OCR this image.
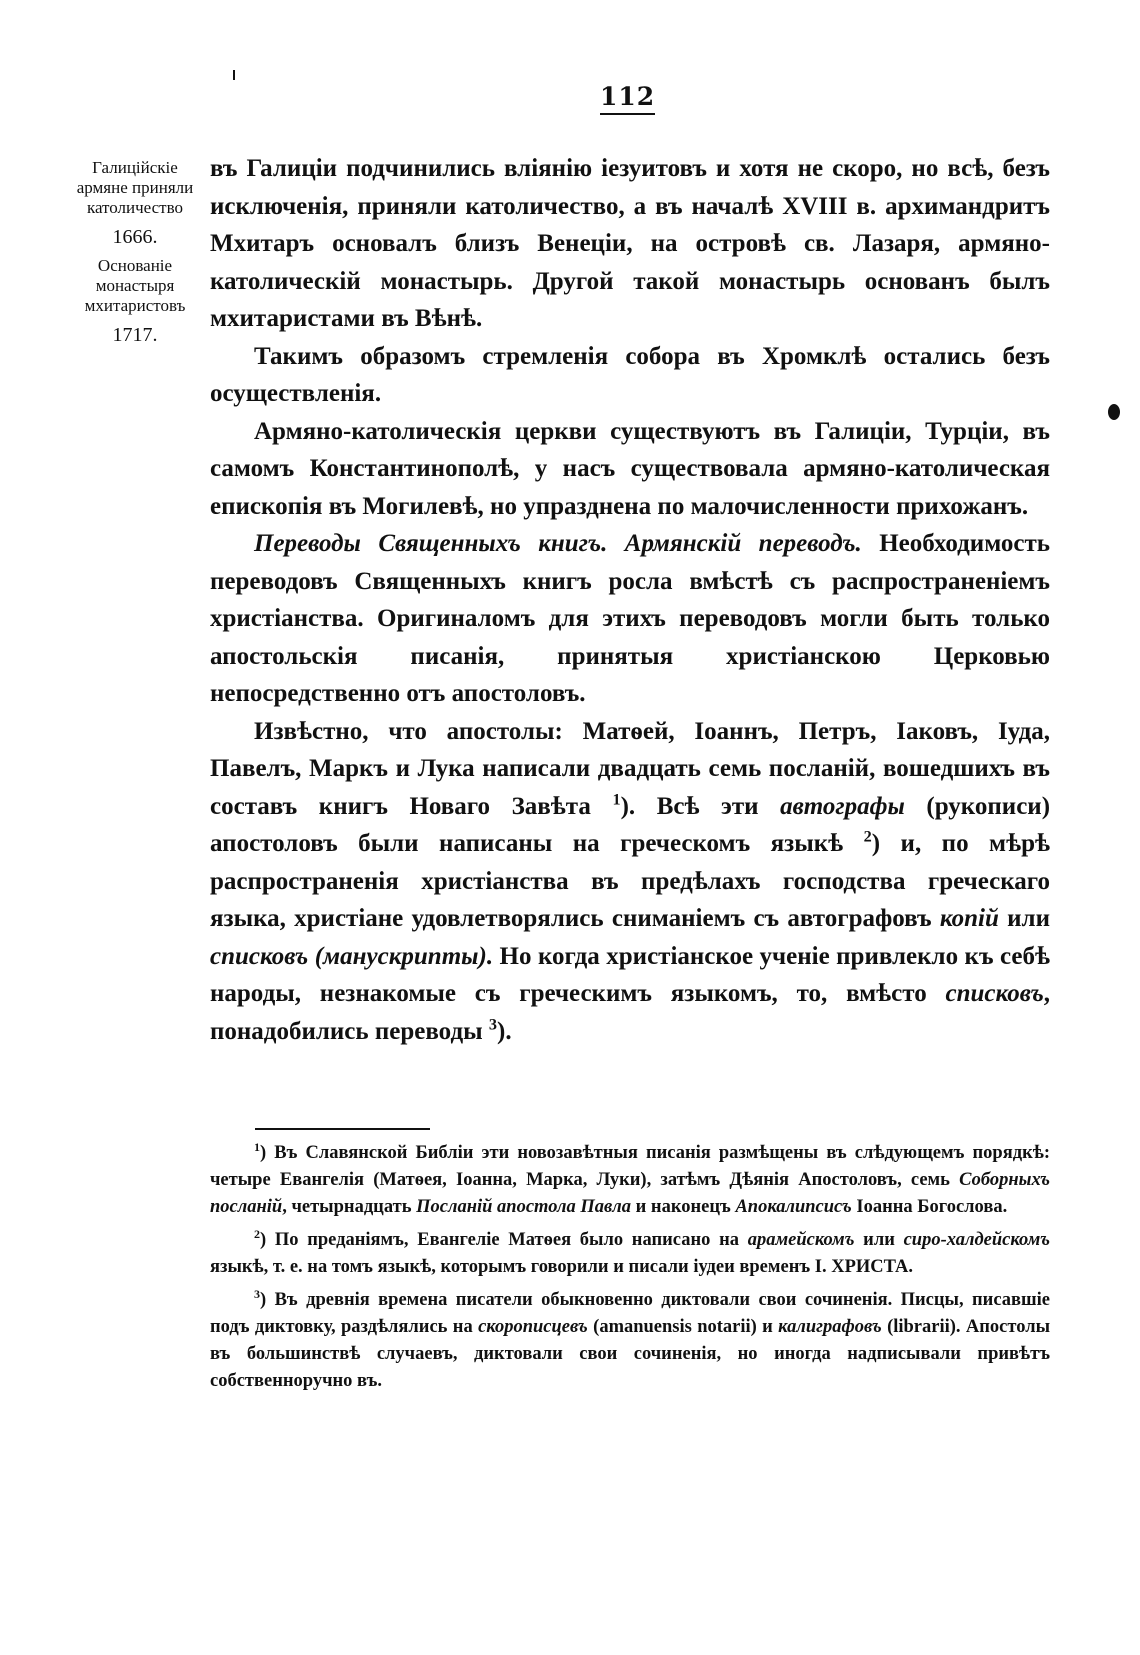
112
Галиційскіе армяне приняли католичество
1666.
Основаніе монастыря мхитаристовъ
1717.

въ Галиціи подчинились вліянію іезуитовъ и хотя не скоро, но всѣ, безъ исключенія, приняли католичество, а въ началѣ XVIII в. архимандритъ Мхитаръ основалъ близъ Венеціи, на островѣ св. Лазаря, армяно-католическій монастырь. Другой такой монастырь основанъ былъ мхитаристами въ Вѣнѣ.

Такимъ образомъ стремленія собора въ Хромклѣ остались безъ осуществленія.

Армяно-католическія церкви существуютъ въ Галиціи, Турціи, въ самомъ Константинополѣ, у насъ существовала армяно-католическая епископія въ Могилевѣ, но упразднена по малочисленности прихожанъ.

Переводы Священныхъ книгъ. Армянскій переводъ. Необходимость переводовъ Священныхъ книгъ росла вмѣстѣ съ распространеніемъ христіанства. Оригиналомъ для этихъ переводовъ могли быть только апостольскія писанія, принятыя христіанскою Церковью непосредственно отъ апостоловъ.

Извѣстно, что апостолы: Матѳей, Іоаннъ, Петръ, Іаковъ, Іуда, Павелъ, Маркъ и Лука написали двадцать семь посланій, вошедшихъ въ составъ книгъ Новаго Завѣта $^1$). Всѣ эти автографы (рукописи) апостоловъ были написаны на греческомъ языкѣ $^2$) и, по мѣрѣ распространенія христіанства въ предѣлахъ господства греческаго языка, христіане удовлетворялись сниманіемъ съ автографовъ копій или списковъ (манускрипты). Но когда христіанское ученіе привлекло къ себѣ народы, незнакомые съ греческимъ языкомъ, то, вмѣсто списковъ, понадобились переводы $^3$).

$^1$) Въ Славянской Библіи эти новозавѣтныя писанія размѣщены въ слѣдующемъ порядкѣ: четыре Евангелія (Матѳея, Іоанна, Марка, Луки), затѣмъ Дѣянія Апостоловъ, семь Соборныхъ посланій, четырнадцать Посланій апостола Павла и наконецъ Апокалипсисъ Іоанна Богослова.

$^2$) По преданіямъ, Евангеліе Матѳея было написано на арамейскомъ или сиро-халдейскомъ языкѣ, т. е. на томъ языкѣ, которымъ говорили и писали іудеи временъ І. ХРИСТА.

$^3$) Въ древнія времена писатели обыкновенно диктовали свои сочиненія. Писцы, писавшіе подъ диктовку, раздѣлялись на скорописцевъ (amanuensis notarii) и калиграфовъ (librarii). Апостолы въ большинствѣ случаевъ, диктовали свои сочиненія, но иногда надписывали привѣтъ собственноручно въ.
